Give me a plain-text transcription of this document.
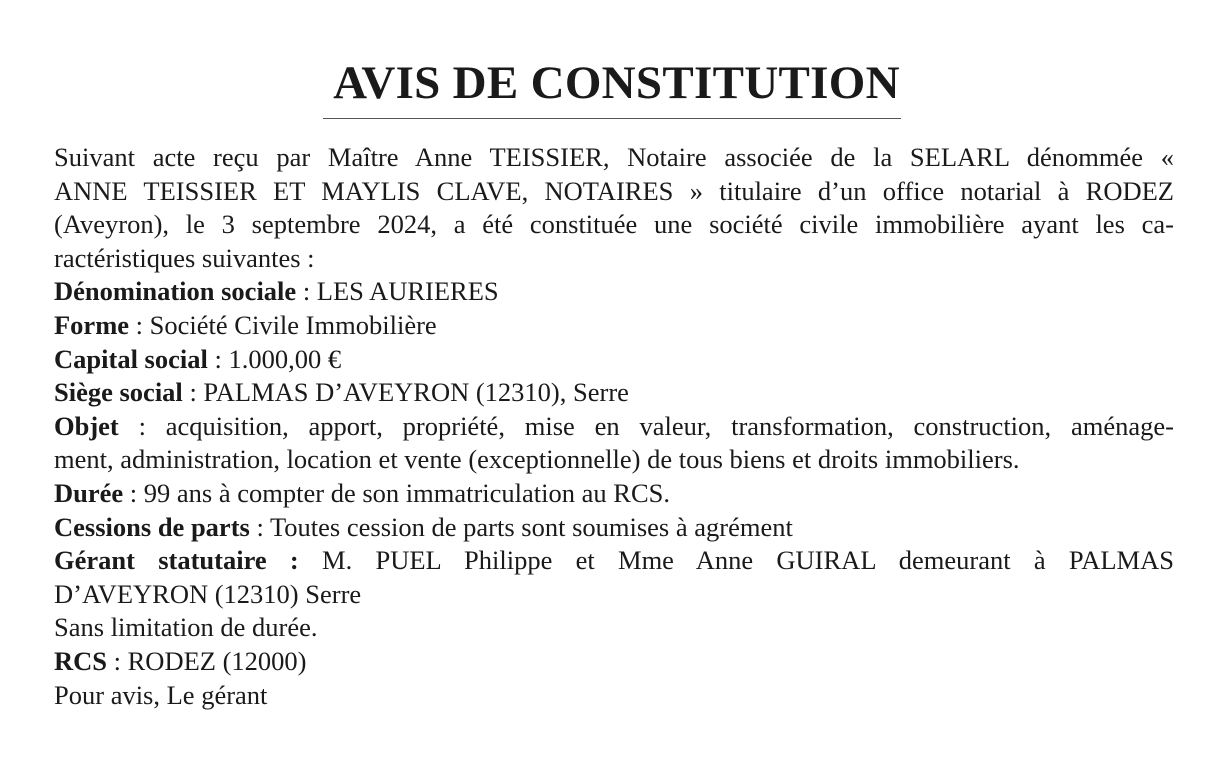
AVIS DE CONSTITUTION
Suivant acte reçu par Maître Anne TEISSIER, Notaire associée de la SELARL dénommée «
ANNE TEISSIER ET MAYLIS CLAVE, NOTAIRES » titulaire d’un office notarial à RODEZ
(Aveyron), le 3 septembre 2024, a été constituée une société civile immobilière ayant les ca-
ractéristiques suivantes :
Dénomination sociale : LES AURIERES
Forme : Société Civile Immobilière
Capital social : 1.000,00 €
Siège social : PALMAS D’AVEYRON (12310), Serre
Objet : acquisition, apport, propriété, mise en valeur, transformation, construction, aménage-
ment, administration, location et vente (exceptionnelle) de tous biens et droits immobiliers.
Durée : 99 ans à compter de son immatriculation au RCS.
Cessions de parts : Toutes cession de parts sont soumises à agrément
Gérant statutaire : M. PUEL Philippe et Mme Anne GUIRAL demeurant à PALMAS
D’AVEYRON (12310) Serre
Sans limitation de durée.
RCS : RODEZ (12000)
Pour avis, Le gérant
